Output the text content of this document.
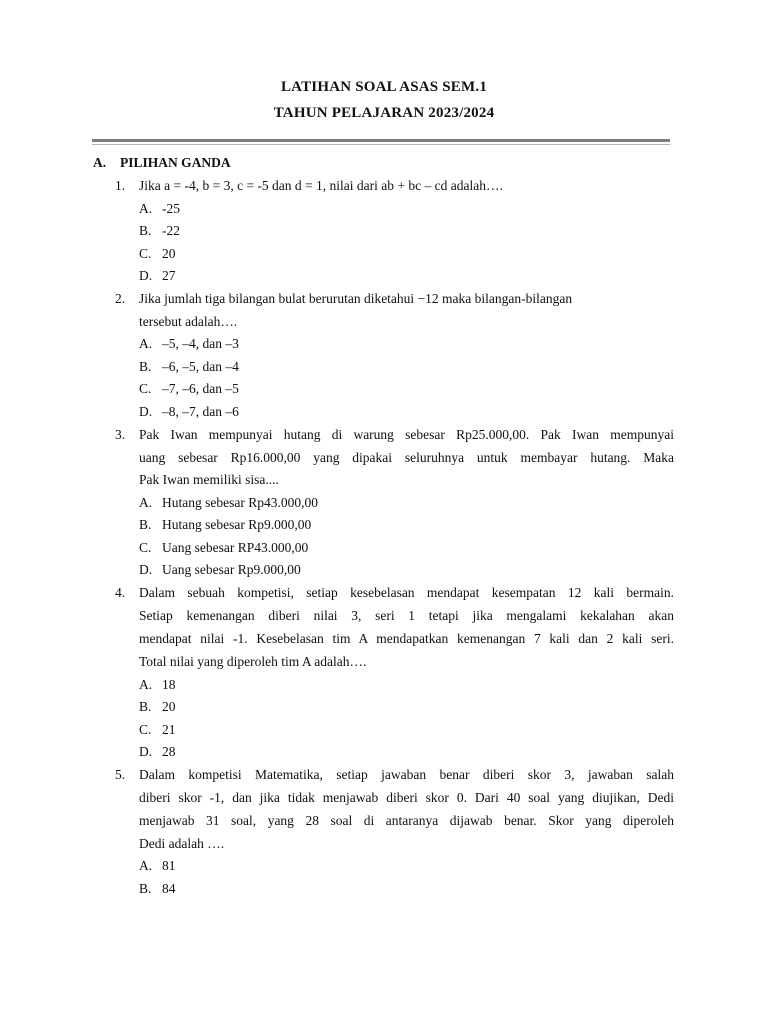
LATIHAN SOAL ASAS SEM.1
TAHUN PELAJARAN 2023/2024
A. PILIHAN GANDA
1.	Jika a = -4, b = 3, c = -5 dan d = 1, nilai dari ab + bc – cd adalah….
A. -25
B. -22
C. 20
D. 27
2.	Jika jumlah tiga bilangan bulat berurutan diketahui −12 maka bilangan-bilangan
tersebut adalah….
A. –5, –4, dan –3
B. –6, –5, dan –4
C. –7, –6, dan –5
D. –8, –7, dan –6
3.	Pak Iwan mempunyai hutang di warung sebesar Rp25.000,00. Pak Iwan mempunyai
uang sebesar Rp16.000,00 yang dipakai seluruhnya untuk membayar hutang. Maka
Pak Iwan memiliki sisa....
A. Hutang sebesar Rp43.000,00
B. Hutang sebesar Rp9.000,00
C. Uang sebesar RP43.000,00
D. Uang sebesar Rp9.000,00
4.	Dalam sebuah kompetisi, setiap kesebelasan mendapat kesempatan 12 kali bermain.
Setiap kemenangan diberi nilai 3, seri 1 tetapi jika mengalami kekalahan akan
mendapat nilai -1. Kesebelasan tim A mendapatkan kemenangan 7 kali dan 2 kali seri.
Total nilai yang diperoleh tim A adalah….
A. 18
B. 20
C. 21
D. 28
5.	Dalam kompetisi Matematika, setiap jawaban benar diberi skor 3, jawaban salah
diberi skor -1, dan jika tidak menjawab diberi skor 0. Dari 40 soal yang diujikan, Dedi
menjawab 31 soal, yang 28 soal di antaranya dijawab benar. Skor yang diperoleh
Dedi adalah ….
A. 81
B. 84
